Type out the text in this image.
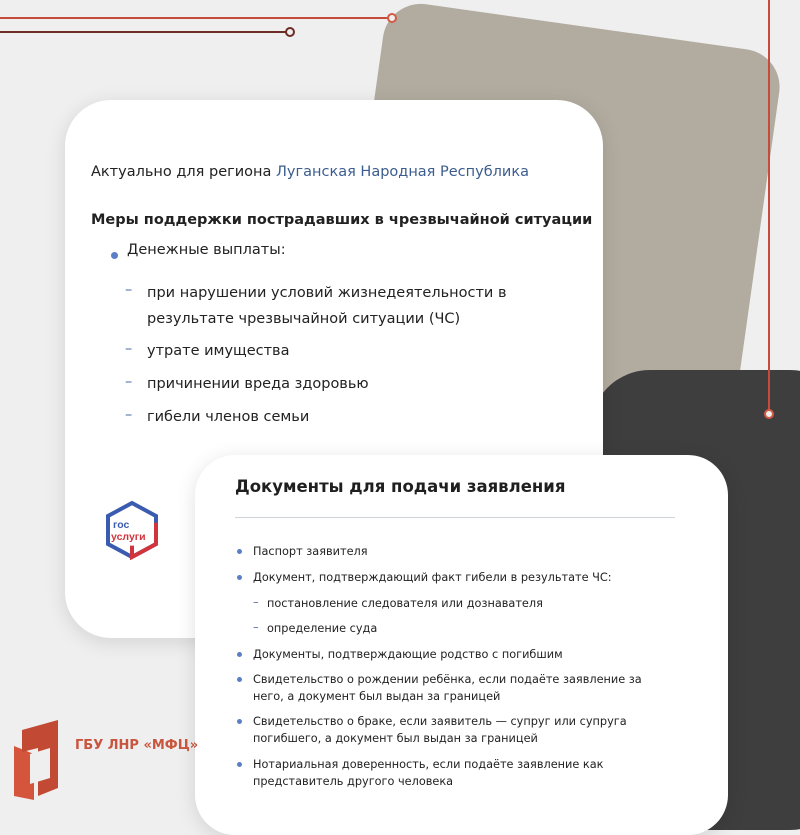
Актуально для региона Луганская Народная Республика
Меры поддержки пострадавших в чрезвычайной ситуации
Денежные выплаты:
– при нарушении условий жизнедеятельности в результате чрезвычайной ситуации (ЧС)
– утрате имущества
– причинении вреда здоровью
– гибели членов семьи
гос
услуги
Документы для подачи заявления
Паспорт заявителя
Документ, подтверждающий факт гибели в результате ЧС:
– постановление следователя или дознавателя
– определение суда
Документы, подтверждающие родство с погибшим
Свидетельство о рождении ребёнка, если подаёте заявление за него, а документ был выдан за границей
Свидетельство о браке, если заявитель — супруг или супруга погибшего, а документ был выдан за границей
Нотариальная доверенность, если подаёте заявление как представитель другого человека
ГБУ ЛНР «МФЦ»
